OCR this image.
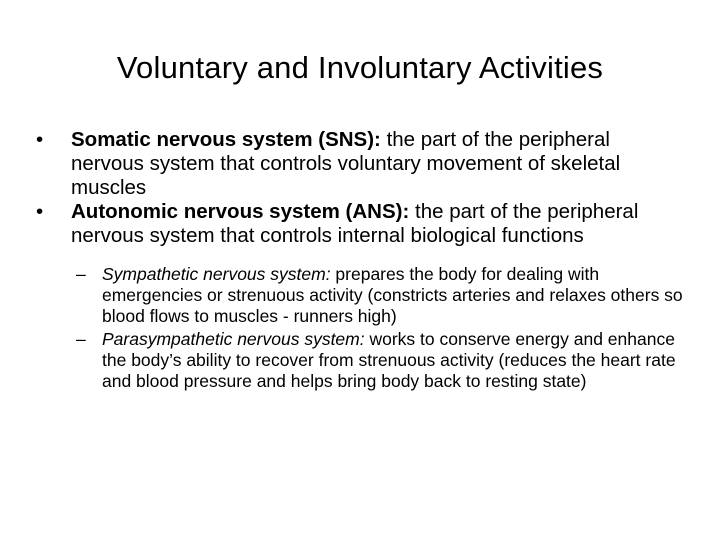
Voluntary and Involuntary Activities

•	Somatic nervous system (SNS): the part of the peripheral nervous system that controls voluntary movement of skeletal muscles

•	Autonomic nervous system (ANS): the part of the peripheral nervous system that controls internal biological functions

– Sympathetic nervous system: prepares the body for dealing with emergencies or strenuous activity (constricts arteries and relaxes others so blood flows to muscles - runners high)

– Parasympathetic nervous system: works to conserve energy and enhance the body’s ability to recover from strenuous activity (reduces the heart rate and blood pressure and helps bring body back to resting state)
